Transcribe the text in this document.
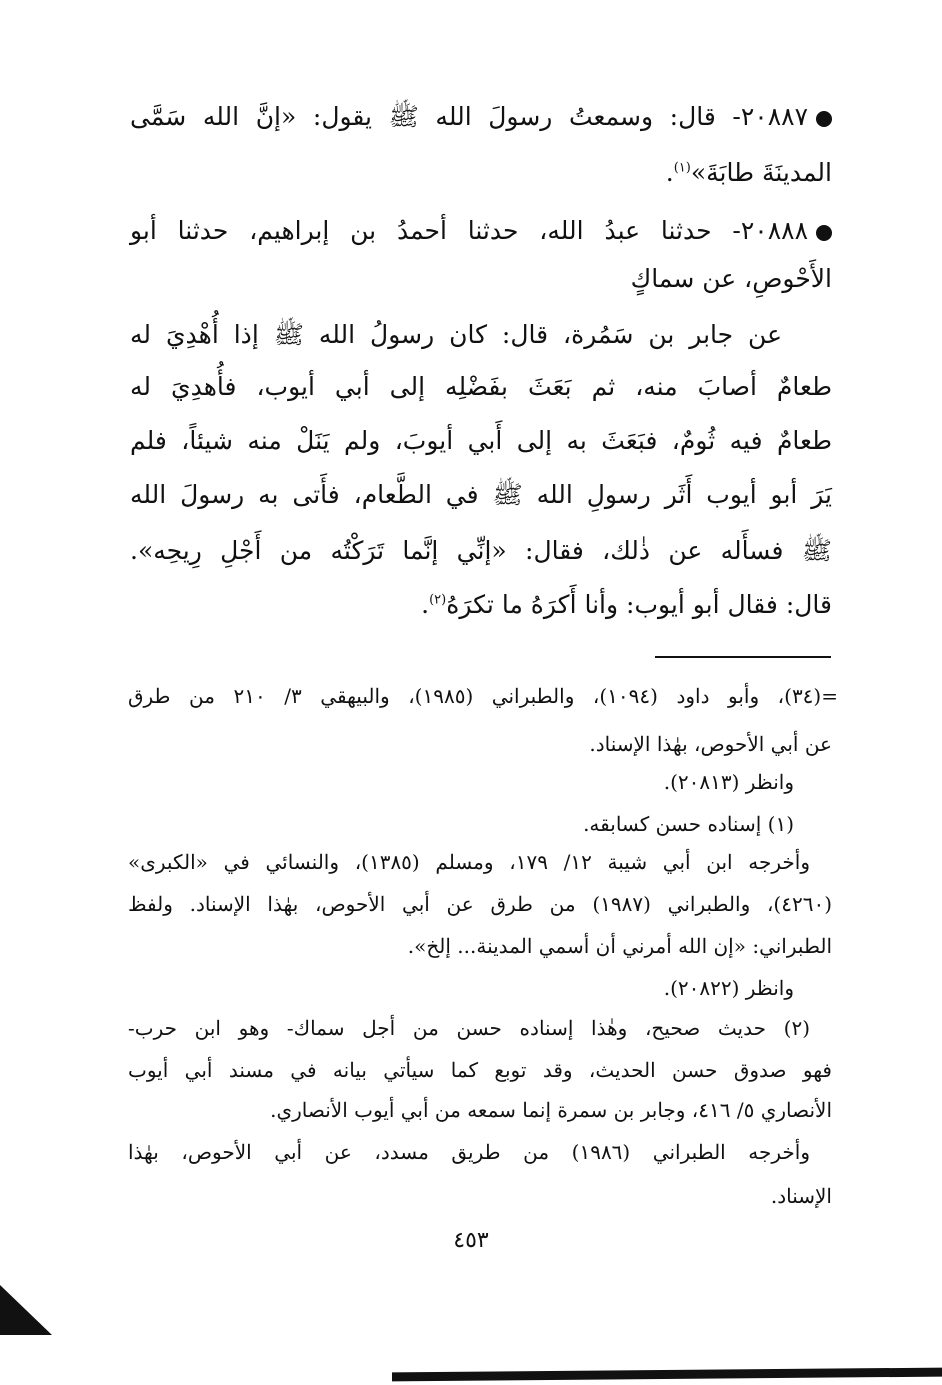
٢٠٨٨٧- قال: وسمعتُ رسولَ الله ﷺ يقول: «إنَّ الله سَمَّى
المدينَةَ طابَةَ»$^{(١)}$.
٢٠٨٨٨- حدثنا عبدُ الله، حدثنا أحمدُ بن إبراهيم، حدثنا أبو
الأَحْوصِ، عن سماكٍ
عن جابر بن سَمُرة، قال: كان رسولُ الله ﷺ إذا أُهْدِيَ له
طعامٌ أصابَ منه، ثم بَعَثَ بفَضْلِه إلى أبي أيوب، فأُهدِيَ له
طعامٌ فيه ثُومٌ، فبَعَثَ به إلى أَبي أيوبَ، ولم يَنَلْ منه شيئاً، فلم
يَرَ أبو أيوب أَثَر رسولِ الله ﷺ في الطَّعام، فأَتى به رسولَ الله
ﷺ فسأَله عن ذٰلك، فقال: «إنِّي إنَّما تَرَكْتُه من أَجْلِ رِيحِه».
قال: فقال أبو أيوب: وأنا أَكرَهُ ما تكرَهُ$^{(٢)}$.
=(٣٤)، وأبو داود (١٠٩٤)، والطبراني (١٩٨٥)، والبيهقي ٣/ ٢١٠ من طرق
عن أبي الأحوص، بهٰذا الإسناد.
وانظر (٢٠٨١٣).
(١) إسناده حسن كسابقه.
وأخرجه ابن أبي شيبة ١٢/ ١٧٩، ومسلم (١٣٨٥)، والنسائي في «الكبرى»
(٤٢٦٠)، والطبراني (١٩٨٧) من طرق عن أبي الأحوص، بهٰذا الإسناد. ولفظ
الطبراني: «إن الله أمرني أن أسمي المدينة... إلخ».
وانظر (٢٠٨٢٢).
(٢) حديث صحيح، وهٰذا إسناده حسن من أجل سماك- وهو ابن حرب-
فهو صدوق حسن الحديث، وقد توبع كما سيأتي بيانه في مسند أبي أيوب
الأنصاري ٥/ ٤١٦، وجابر بن سمرة إنما سمعه من أبي أيوب الأنصاري.
وأخرجه الطبراني (١٩٨٦) من طريق مسدد، عن أبي الأحوص، بهٰذا
الإسناد.
٤٥٣
